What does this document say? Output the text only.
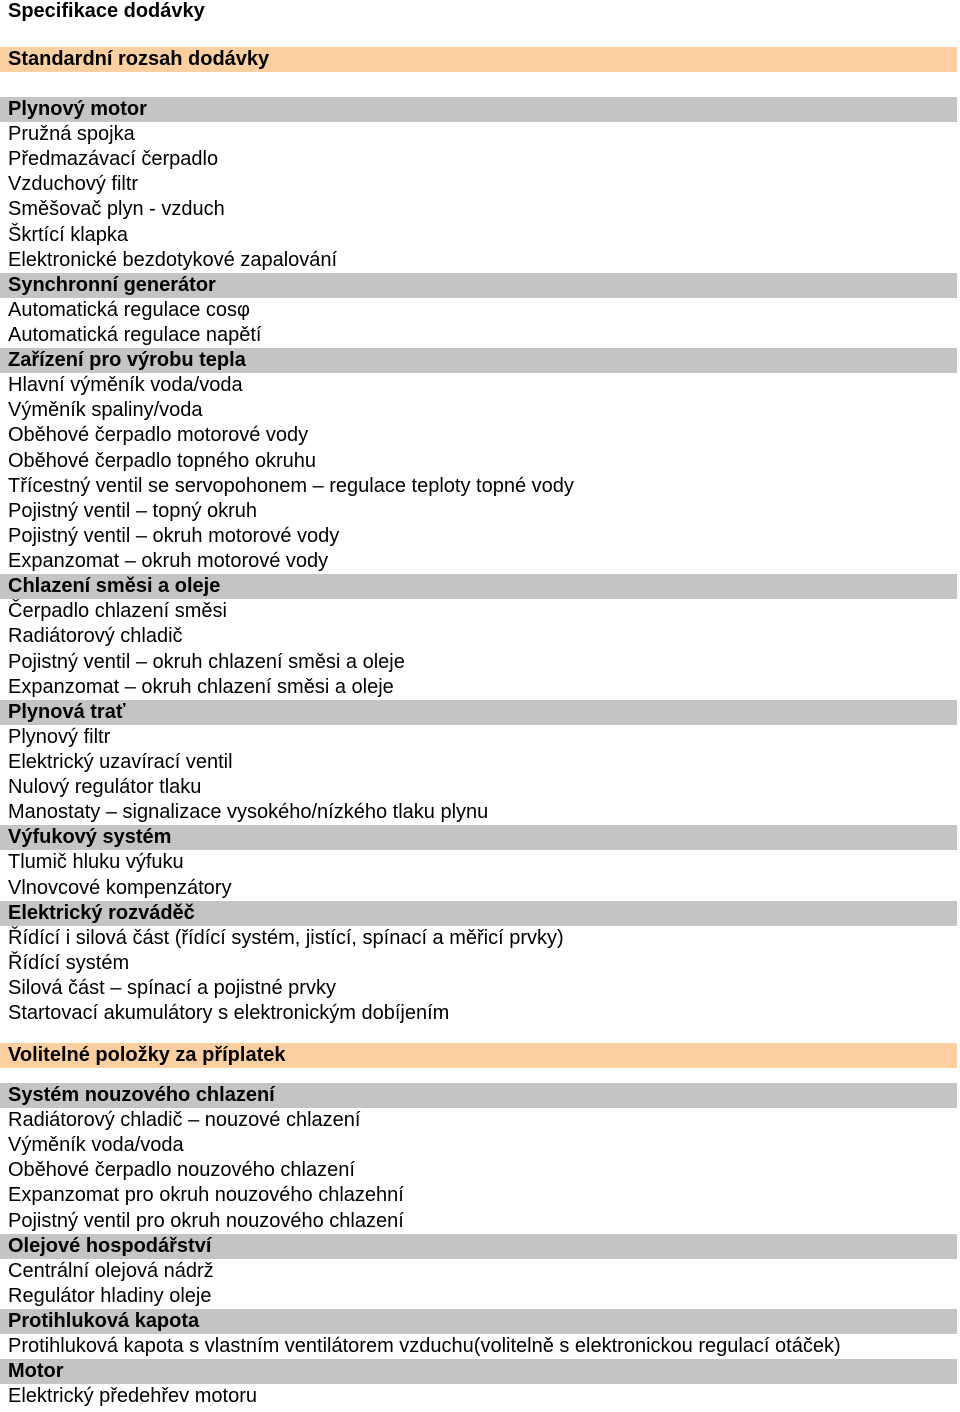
Specifikace dodávky
Standardní rozsah dodávky
Plynový motor
Pružná spojka
Předmazávací čerpadlo
Vzduchový filtr
Směšovač plyn - vzduch
Škrtící klapka
Elektronické bezdotykové zapalování
Synchronní generátor
Automatická regulace cosφ
Automatická regulace napětí
Zařízení pro výrobu tepla
Hlavní výměník voda/voda
Výměník spaliny/voda
Oběhové čerpadlo motorové vody
Oběhové čerpadlo topného okruhu
Třícestný ventil se servopohonem – regulace teploty topné vody
Pojistný ventil – topný okruh
Pojistný ventil – okruh motorové vody
Expanzomat – okruh motorové vody
Chlazení směsi a oleje
Čerpadlo chlazení směsi
Radiátorový chladič
Pojistný ventil – okruh chlazení směsi a oleje
Expanzomat – okruh chlazení směsi a oleje
Plynová trať
Plynový filtr
Elektrický uzavírací ventil
Nulový regulátor tlaku
Manostaty – signalizace vysokého/nízkého tlaku plynu
Výfukový systém
Tlumič hluku výfuku
Vlnovcové kompenzátory
Elektrický rozváděč
Řídící i silová část (řídící systém, jistící, spínací a měřicí prvky)
Řídící systém
Silová část – spínací a pojistné prvky
Startovací akumulátory s elektronickým dobíjením
Volitelné položky za příplatek
Systém nouzového chlazení
Radiátorový chladič – nouzové chlazení
Výměník voda/voda
Oběhové čerpadlo nouzového chlazení
Expanzomat pro okruh nouzového chlazehní
Pojistný ventil pro okruh nouzového chlazení
Olejové hospodářství
Centrální olejová nádrž
Regulátor hladiny oleje
Protihluková kapota
Protihluková kapota s vlastním ventilátorem vzduchu(volitelně s elektronickou regulací otáček)
Motor
Elektrický předehřev motoru
